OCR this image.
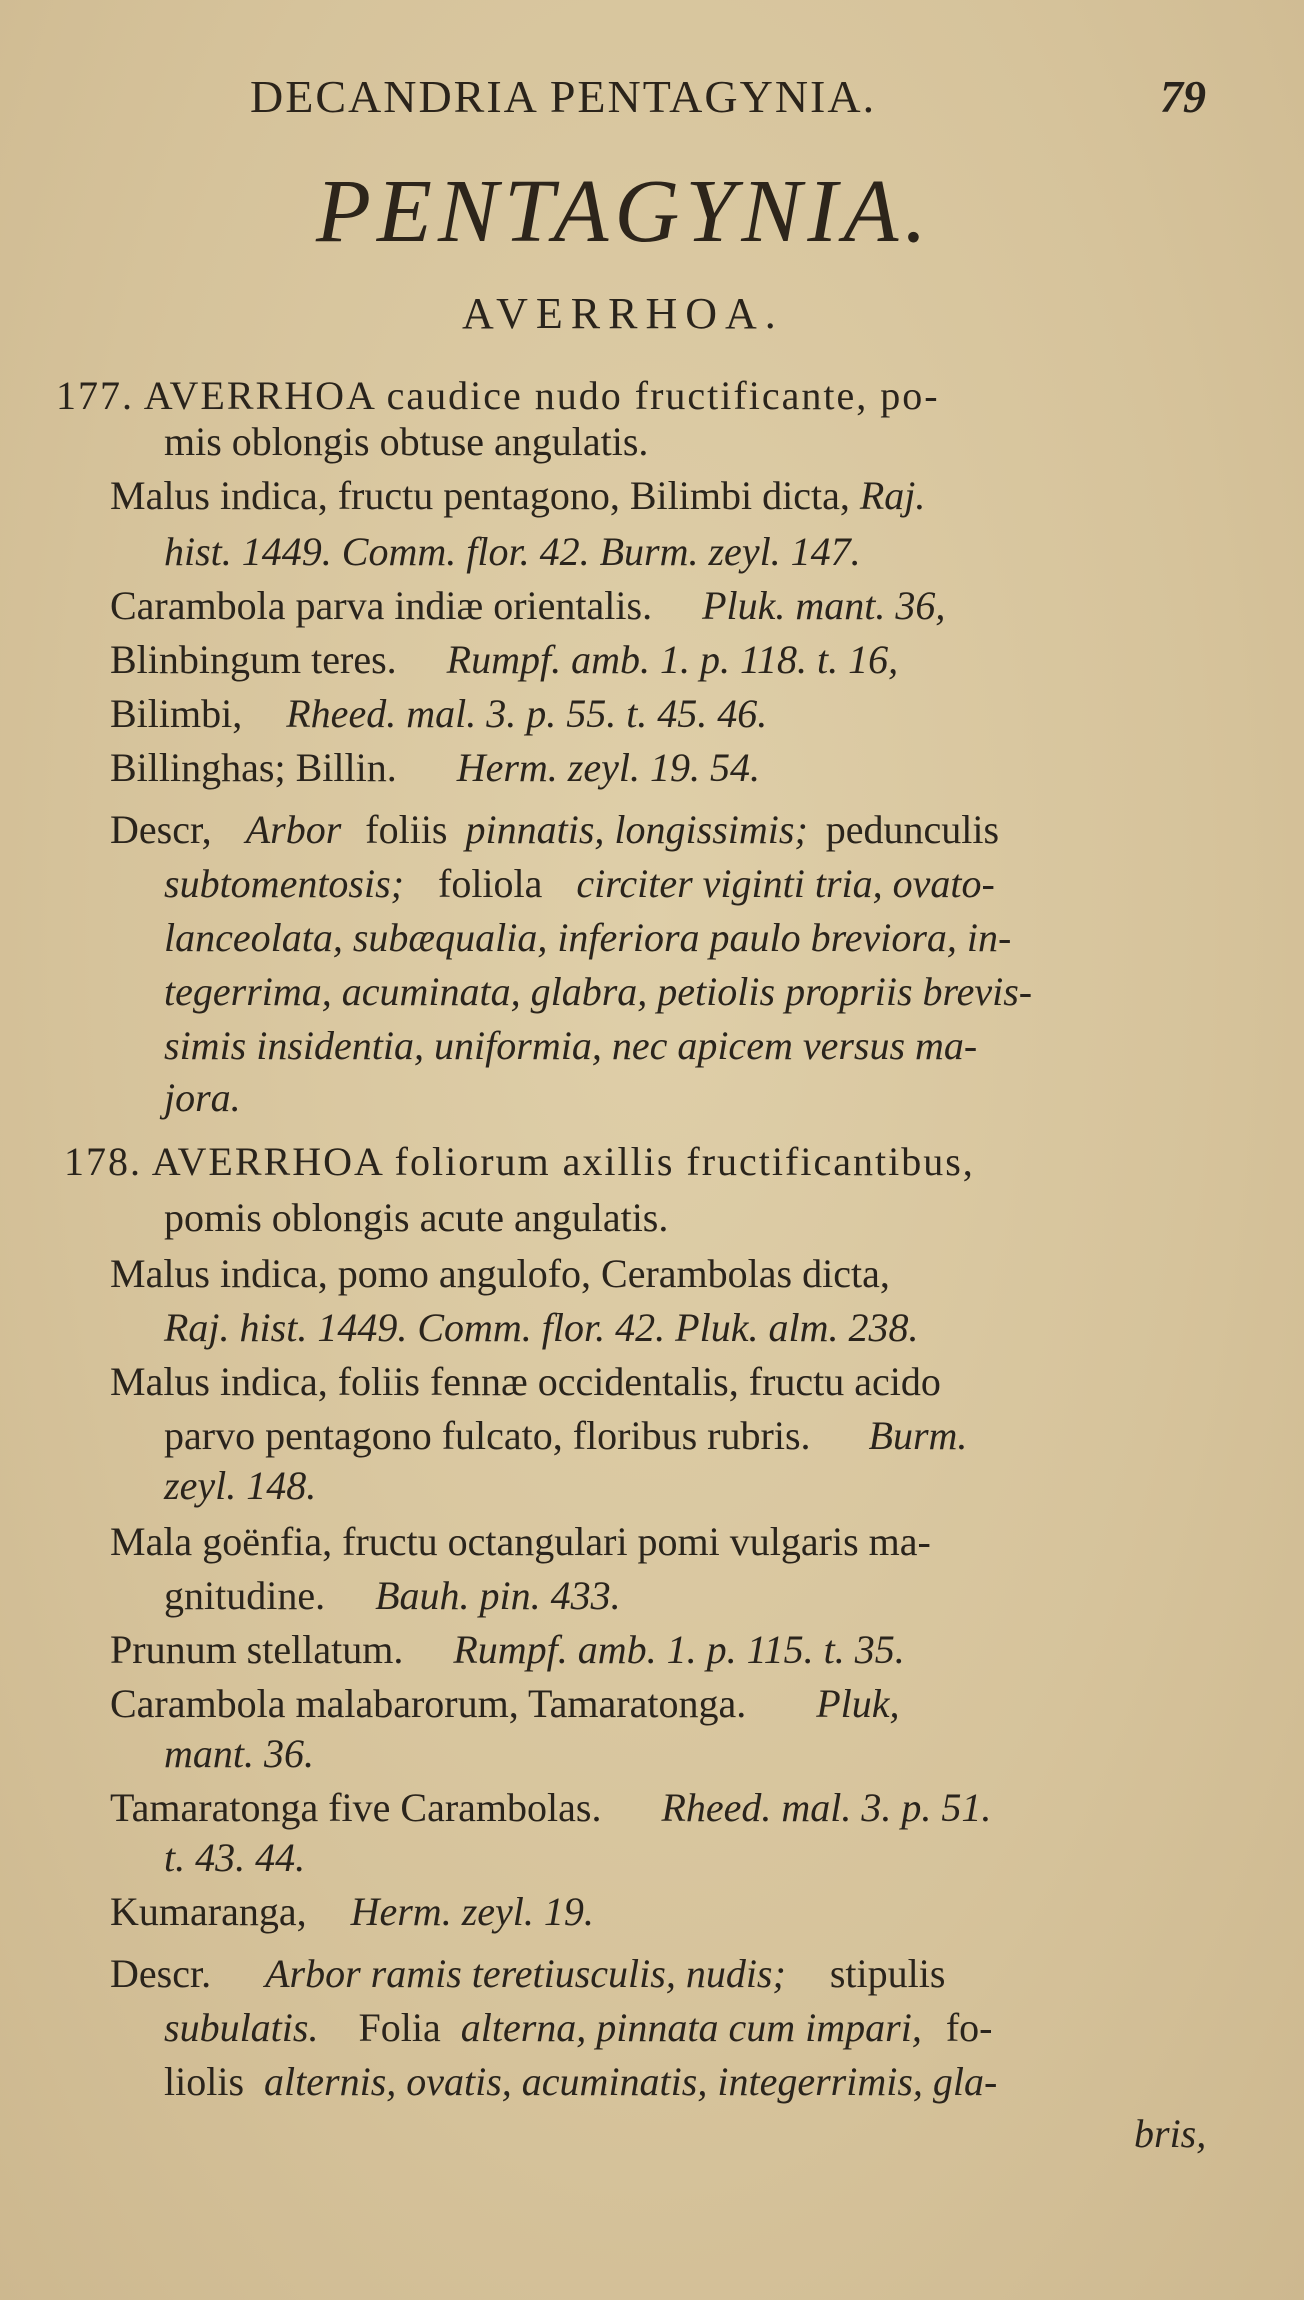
DECANDRIA PENTAGYNIA.	79
PENTAGYNIA.
AVERRHOA.
177. AVERRHOA caudice nudo fructificante, po-
mis oblongis obtuse angulatis.
Malus indica, fructu pentagono, Bilimbi dicta, Raj.
hist. 1449. Comm. flor. 42. Burm. zeyl. 147.
Carambola parva indiæ orientalis. Pluk. mant. 36,
Blinbingum teres. Rumpf. amb. 1. p. 118. t. 16,
Bilimbi, Rheed. mal. 3. p. 55. t. 45. 46.
Billinghas; Billin. Herm. zeyl. 19. 54.
Descr, Arbor foliis pinnatis, longissimis; pedunculis
subtomentosis; foliola circiter viginti tria, ovato-
lanceolata, subæqualia, inferiora paulo breviora, in-
tegerrima, acuminata, glabra, petiolis propriis brevis-
simis insidentia, uniformia, nec apicem versus ma-
jora.
178. AVERRHOA foliorum axillis fructificantibus,
pomis oblongis acute angulatis.
Malus indica, pomo angulofo, Cerambolas dicta,
Raj. hist. 1449. Comm. flor. 42. Pluk. alm. 238.
Malus indica, foliis fennæ occidentalis, fructu acido
parvo pentagono fulcato, floribus rubris. Burm.
zeyl. 148.
Mala goënfia, fructu octangulari pomi vulgaris ma-
gnitudine. Bauh. pin. 433.
Prunum stellatum. Rumpf. amb. 1. p. 115. t. 35.
Carambola malabarorum, Tamaratonga. Pluk,
mant. 36.
Tamaratonga five Carambolas. Rheed. mal. 3. p. 51.
t. 43. 44.
Kumaranga, Herm. zeyl. 19.
Descr. Arbor ramis teretiusculis, nudis; stipulis
subulatis. Folia alterna, pinnata cum impari, fo-
liolis alternis, ovatis, acuminatis, integerrimis, gla-
bris,
